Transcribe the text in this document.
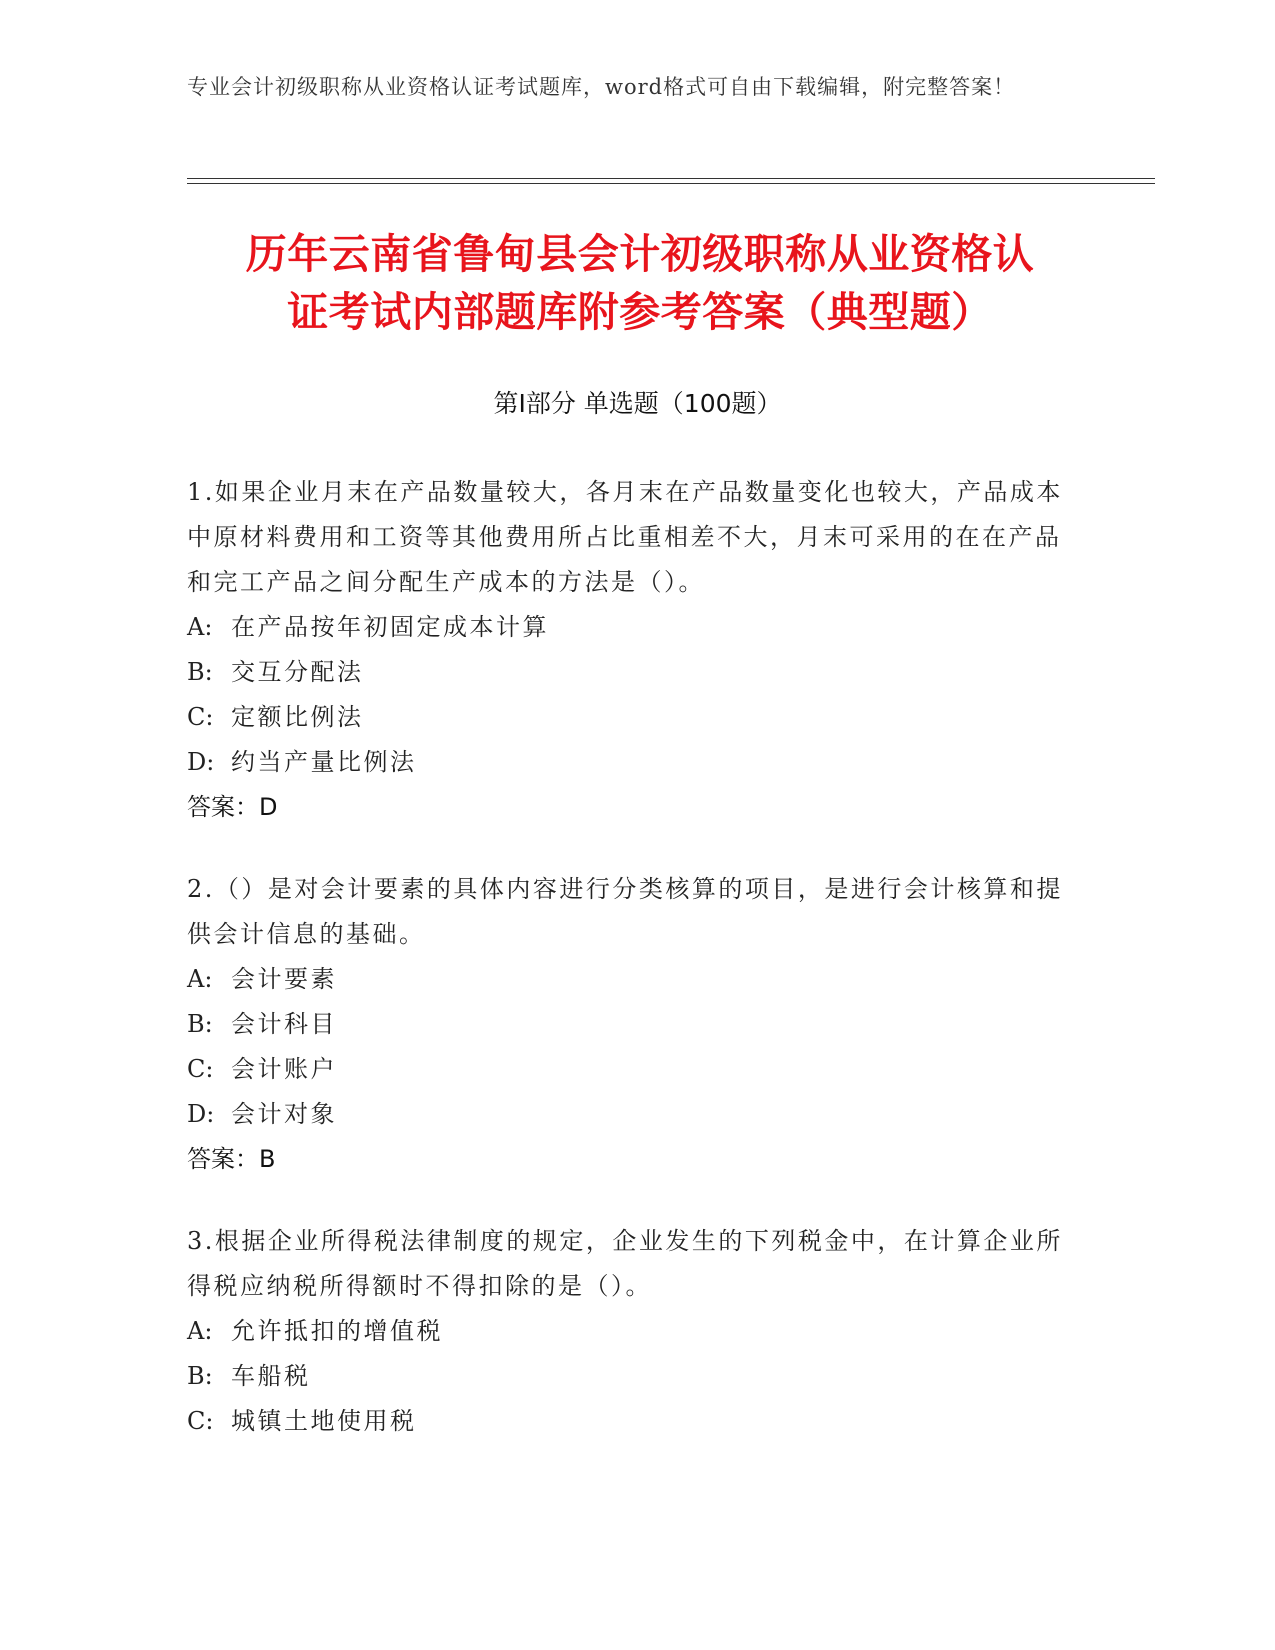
专业会计初级职称从业资格认证考试题库，word格式可自由下载编辑，附完整答案！
历年云南省鲁甸县会计初级职称从业资格认
证考试内部题库附参考答案（典型题）
第Ⅰ部分 单选题（100题）
1.如果企业月末在产品数量较大，各月末在产品数量变化也较大，产品成本中原材料费用和工资等其他费用所占比重相差不大，月末可采用的在在产品和完工产品之间分配生产成本的方法是（）。
A: 在产品按年初固定成本计算
B: 交互分配法
C: 定额比例法
D: 约当产量比例法
答案：D
2.（）是对会计要素的具体内容进行分类核算的项目，是进行会计核算和提供会计信息的基础。
A: 会计要素
B: 会计科目
C: 会计账户
D: 会计对象
答案：B
3.根据企业所得税法律制度的规定，企业发生的下列税金中，在计算企业所得税应纳税所得额时不得扣除的是（）。
A: 允许抵扣的增值税
B: 车船税
C: 城镇土地使用税
